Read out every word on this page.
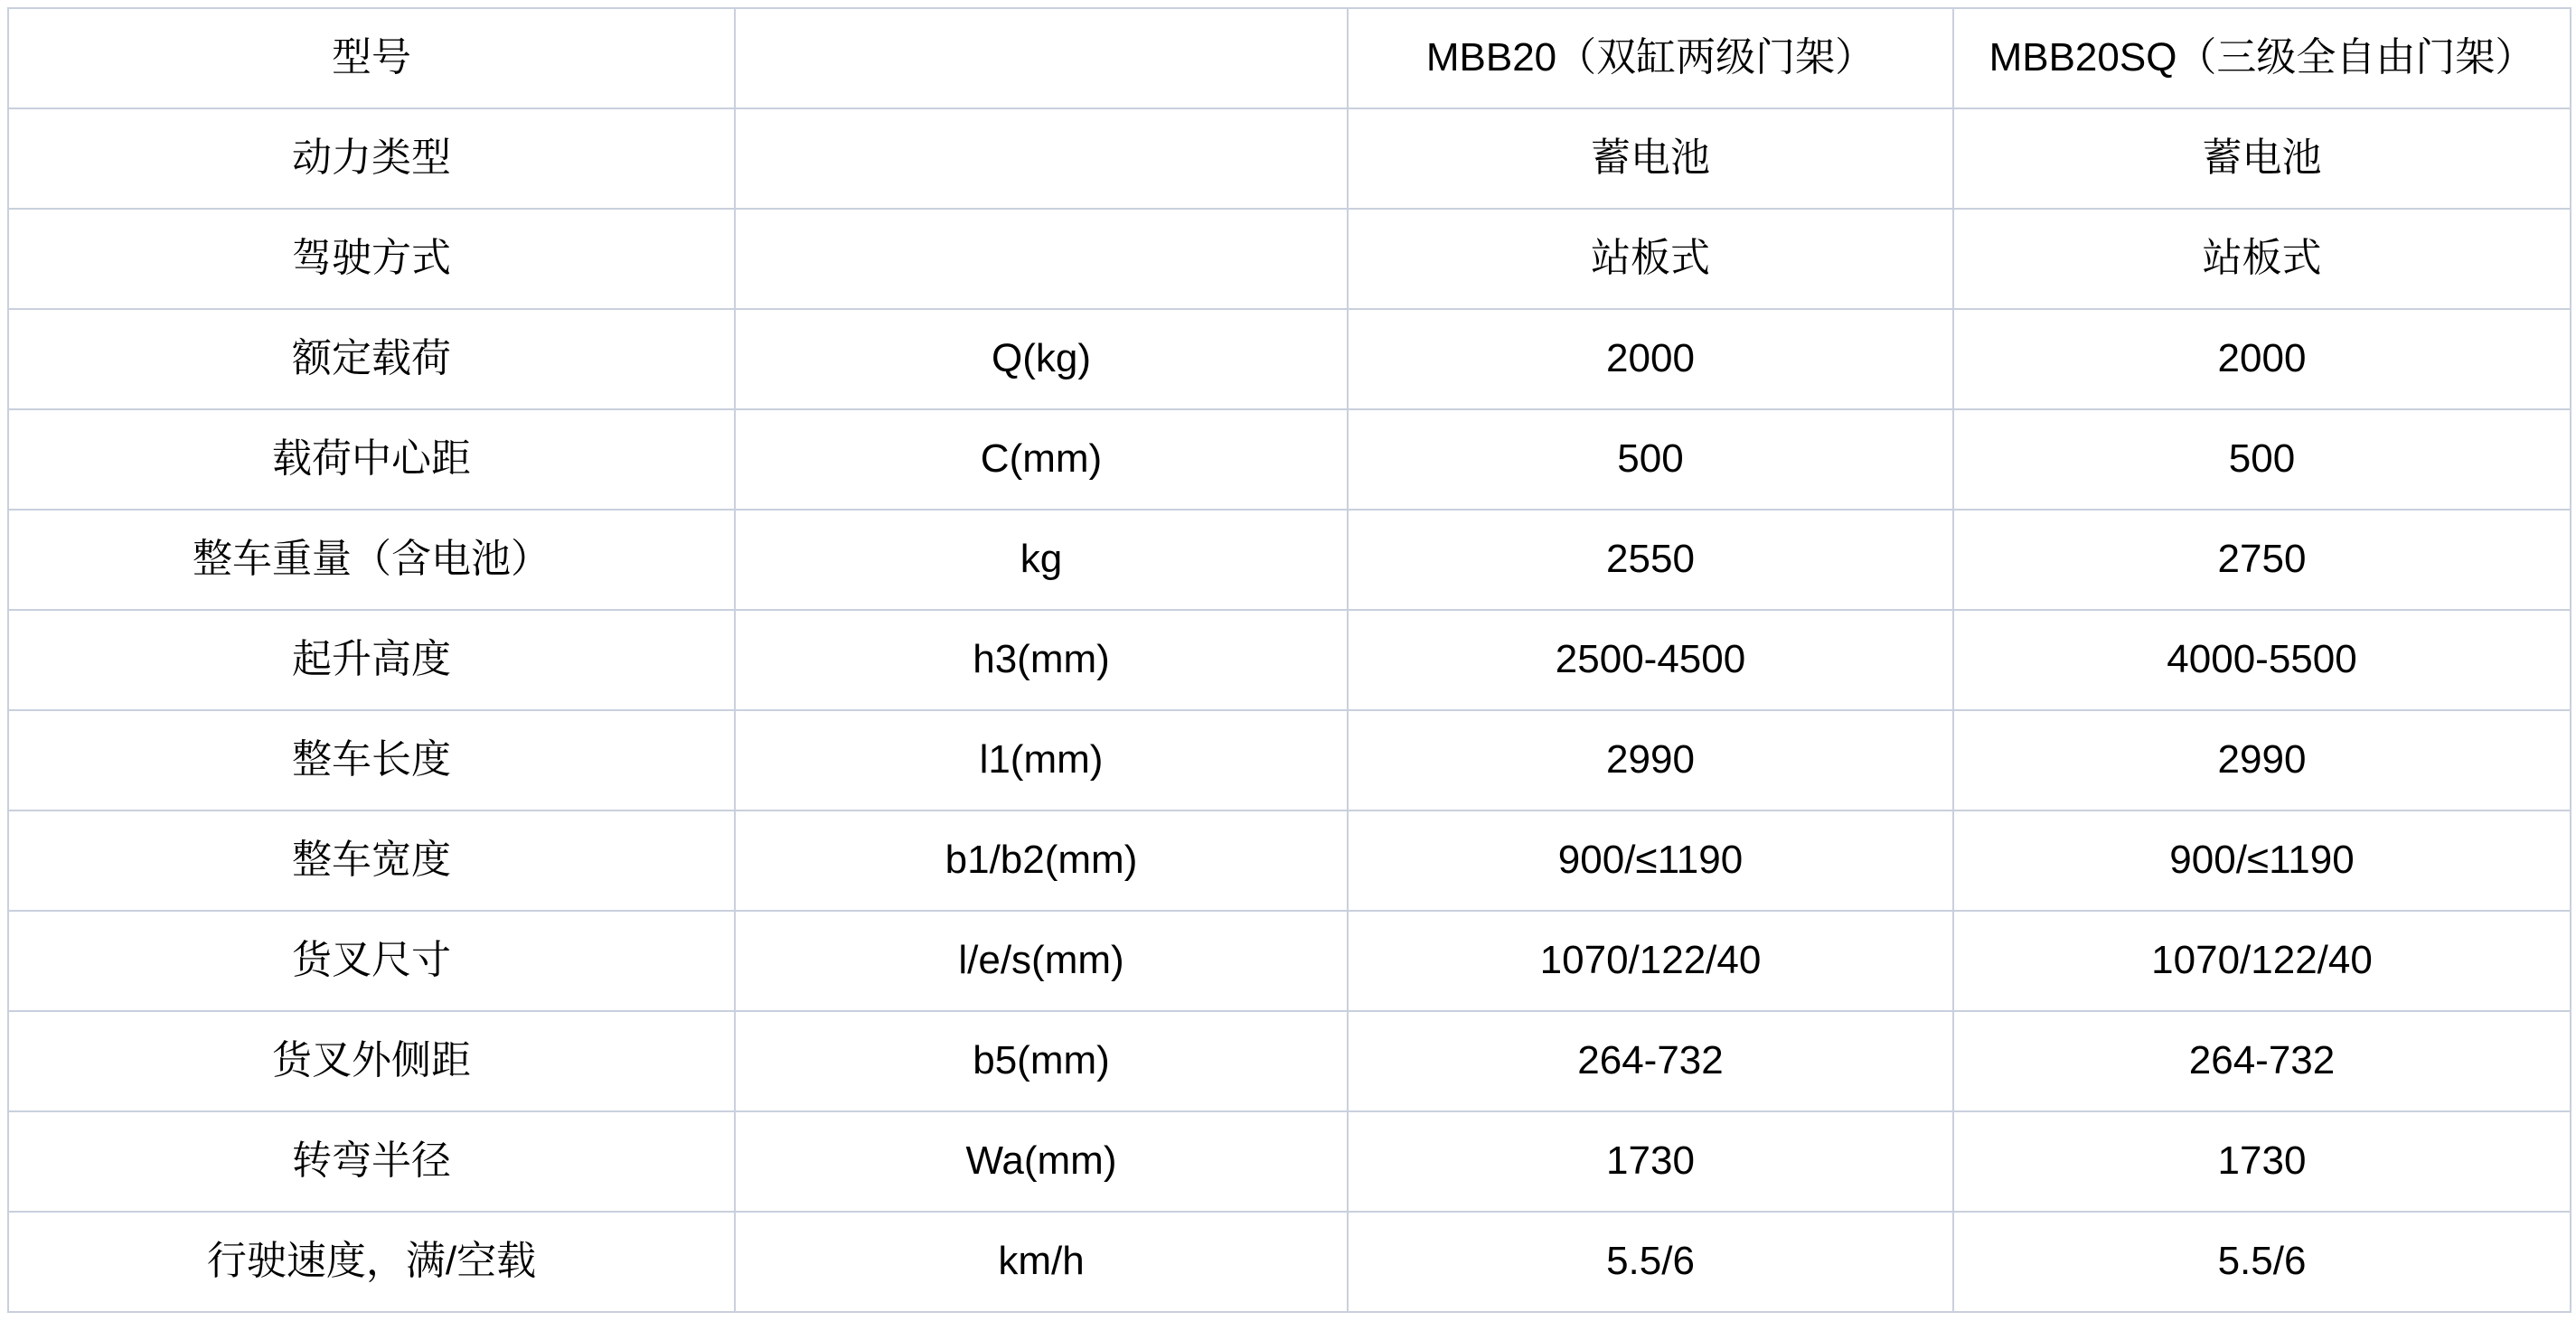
型号		MBB20（双缸两级门架）	MBB20SQ（三级全自由门架）
动力类型		蓄电池	蓄电池
驾驶方式		站板式	站板式
额定载荷	Q(kg)	2000	2000
载荷中心距	C(mm)	500	500
整车重量（含电池）	kg	2550	2750
起升高度	h3(mm)	2500-4500	4000-5500
整车长度	l1(mm)	2990	2990
整车宽度	b1/b2(mm)	900/≤1190	900/≤1190
货叉尺寸	l/e/s(mm)	1070/122/40	1070/122/40
货叉外侧距	b5(mm)	264-732	264-732
转弯半径	Wa(mm)	1730	1730
行驶速度，满/空载	km/h	5.5/6	5.5/6
